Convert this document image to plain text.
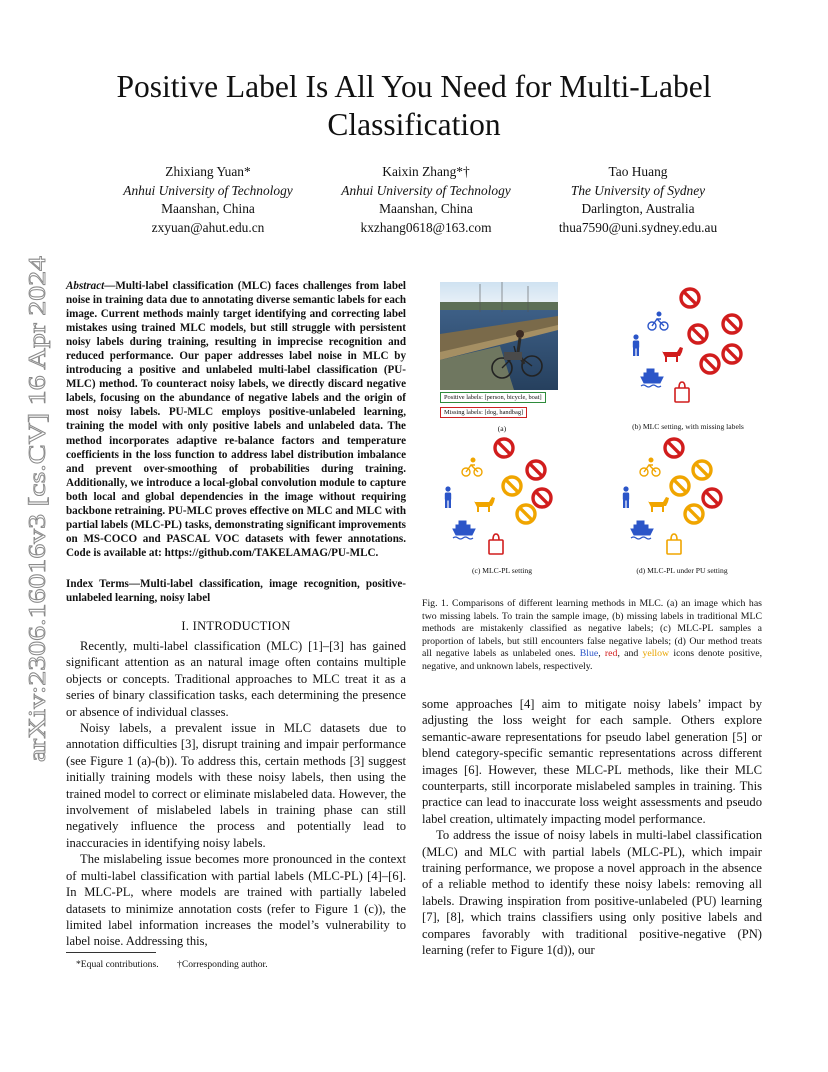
Positive Label Is All You Need for Multi-Label Classification
Zhixiang Yuan*
Anhui University of Technology
Maanshan, China
zxyuan@ahut.edu.cn
Kaixin Zhang*†
Anhui University of Technology
Maanshan, China
kxzhang0618@163.com
Tao Huang
The University of Sydney
Darlington, Australia
thua7590@uni.sydney.edu.au
arXiv:2306.16016v3 [cs.CV] 16 Apr 2024
Abstract—Multi-label classification (MLC) faces challenges from label noise in training data due to annotating diverse semantic labels for each image. Current methods mainly target identifying and correcting label mistakes using trained MLC models, but still struggle with persistent noisy labels during training, resulting in imprecise recognition and reduced performance. Our paper addresses label noise in MLC by introducing a positive and unlabeled multi-label classification (PU-MLC) method. To counteract noisy labels, we directly discard negative labels, focusing on the abundance of negative labels and the origin of most noisy labels. PU-MLC employs positive-unlabeled learning, training the model with only positive labels and unlabeled data. The method incorporates adaptive re-balance factors and temperature coefficients in the loss function to address label distribution imbalance and prevent over-smoothing of probabilities during training. Additionally, we introduce a local-global convolution module to capture both local and global dependencies in the image without requiring backbone retraining. PU-MLC proves effective on MLC and MLC with partial labels (MLC-PL) tasks, demonstrating significant improvements on MS-COCO and PASCAL VOC datasets with fewer annotations. Code is available at: https://github.com/TAKELAMAG/PU-MLC.
Index Terms—Multi-label classification, image recognition, positive-unlabeled learning, noisy label
I. INTRODUCTION

Recently, multi-label classification (MLC) [1]–[3] has gained significant attention as an natural image often contains multiple objects or concepts. Traditional approaches to MLC treat it as a series of binary classification tasks, each determining the presence or absence of individual classes.

Noisy labels, a prevalent issue in MLC datasets due to annotation difficulties [3], disrupt training and impair performance (see Figure 1 (a)-(b)). To address this, certain methods [3] suggest initially training models with these noisy labels, then using the trained model to correct or eliminate mislabeled data. However, the involvement of mislabeled labels in training phase can still negatively influence the process and potentially lead to inaccuracies in identifying noisy labels.

The mislabeling issue becomes more pronounced in the context of multi-label classification with partial labels (MLC-PL) [4]–[6]. In MLC-PL, where models are trained with partially labeled datasets to minimize annotation costs (refer to Figure 1 (c)), the limited label information increases the model’s vulnerability to label noise. Addressing this,

*Equal contributions. †Corresponding author.

some approaches [4] aim to mitigate noisy labels’ impact by adjusting the loss weight for each sample. Others explore semantic-aware representations for pseudo label generation [5] or blend category-specific semantic representations across different images [6]. However, these MLC-PL methods, like their MLC counterparts, still incorporate mislabeled samples in training. This practice can lead to inaccurate loss weight assessments and pseudo label creation, ultimately impacting model performance.

To address the issue of noisy labels in multi-label classification (MLC) and MLC with partial labels (MLC-PL), which impair training performance, we propose a novel approach in the absence of a reliable method to identify these noisy labels: removing all labels. Drawing inspiration from positive-unlabeled (PU) learning [7], [8], which trains classifiers using only positive labels and compares favorably with traditional positive-negative (PN) learning (refer to Figure 1(d)), our

Positive labels: [person, bicycle, boat]
Missing labels: [dog, handbag]
(a)	(b) MLC setting, with missing labels
(c) MLC-PL setting	(d) MLC-PL under PU setting
Fig. 1. Comparisons of different learning methods in MLC. (a) an image which has two missing labels. To train the sample image, (b) missing labels in traditional MLC methods are mistakenly classified as negative labels; (c) MLC-PL samples a proportion of labels, but still encounters false negative labels; (d) Our method treats all negative labels as unlabeled ones. Blue, red, and yellow icons denote positive, negative, and unknown labels, respectively.
